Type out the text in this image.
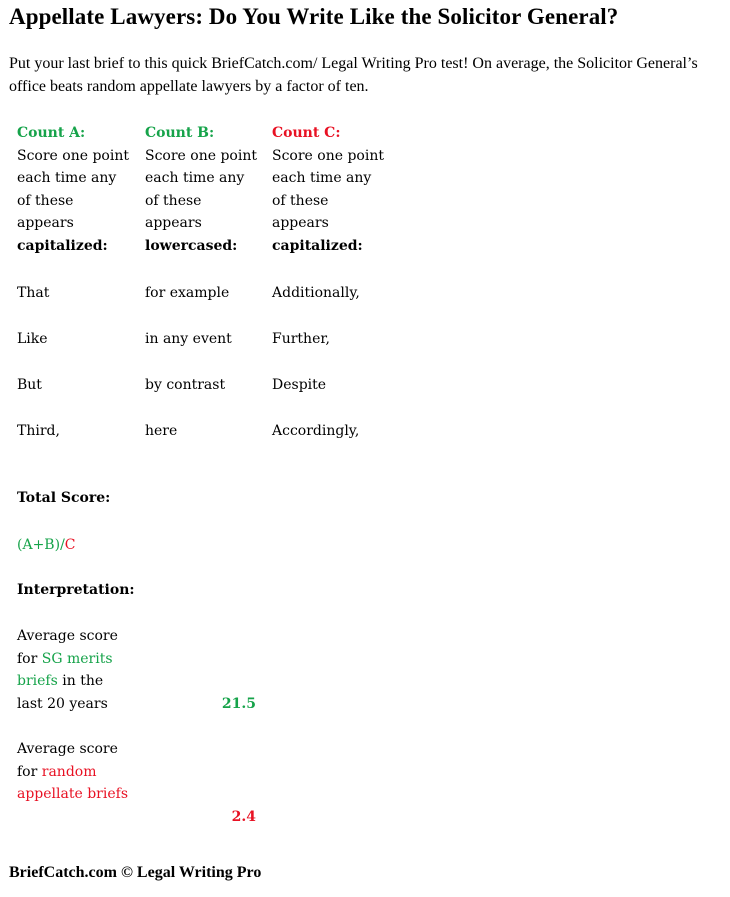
Appellate Lawyers: Do You Write Like the Solicitor General?

Put your last brief to this quick BriefCatch.com/ Legal Writing Pro test! On average, the Solicitor General’s office beats random appellate lawyers by a factor of ten.

Count A:
Score one point each time any of these appears capitalized:
That
Like
But
Third,
Count B:
Score one point each time any of these appears lowercased:
for example
in any event
by contrast
here
Count C:
Score one point each time any of these appears capitalized:
Additionally,
Further,
Despite
Accordingly,
Total Score:
(A+B)/C
Interpretation:
Average score for SG merits briefs in the last 20 years	21.5
Average score for random appellate briefs
2.4
BriefCatch.com © Legal Writing Pro
